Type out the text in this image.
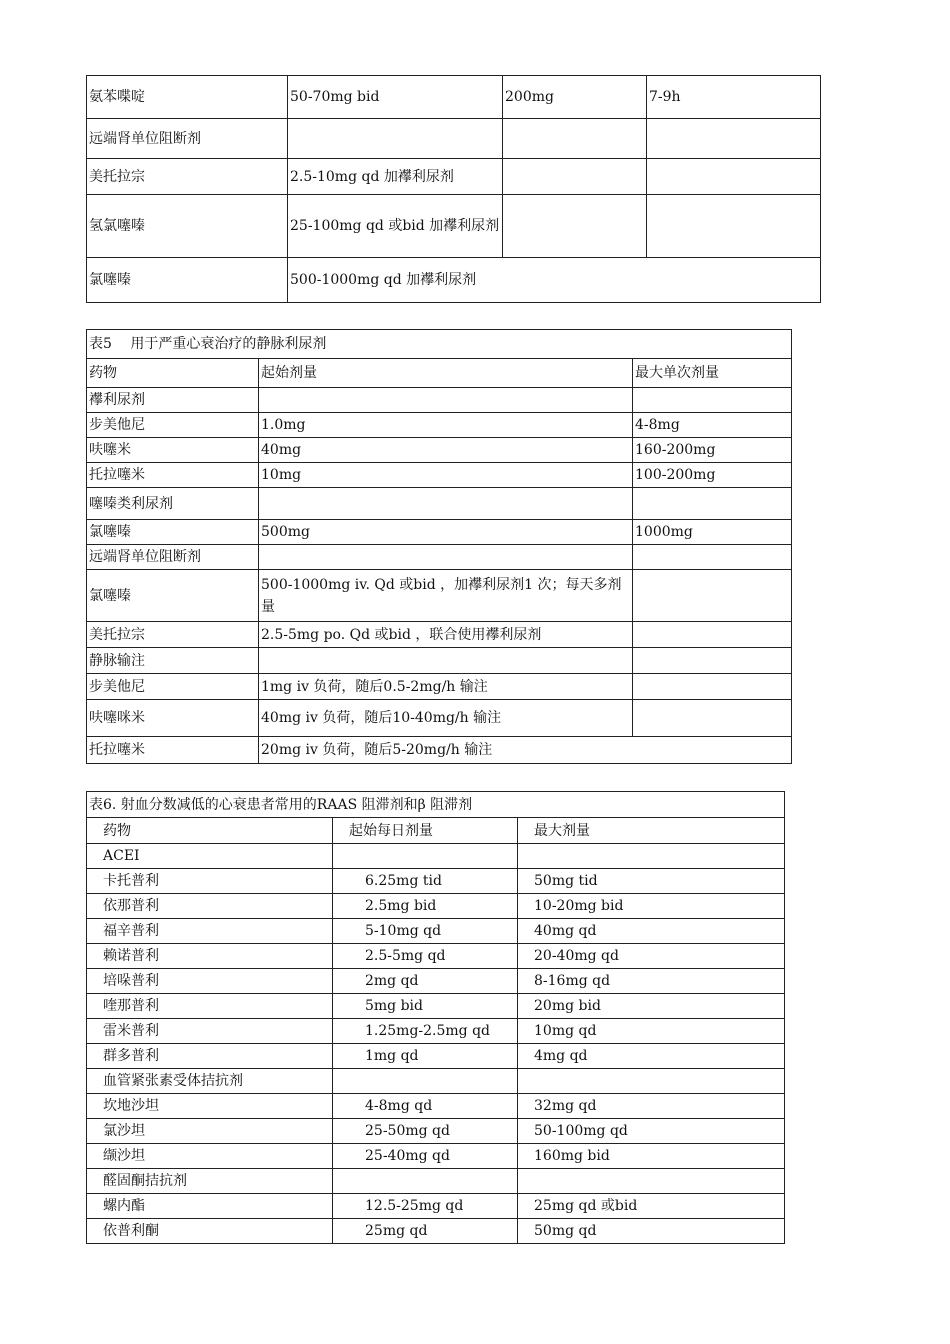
氨苯喋啶	50-70mg bid	200mg	7-9h
远端肾单位阻断剂			
美托拉宗	2.5-10mg qd 加襻利尿剂		
氢氯噻嗪	25-100mg qd 或bid 加襻利尿剂		
氯噻嗪	500-1000mg qd 加襻利尿剂		
表5　 用于严重心衰治疗的静脉利尿剂		
药物	起始剂量	最大单次剂量
襻利尿剂		
步美他尼	1.0mg	4-8mg
呋噻米	40mg	160-200mg
托拉噻米	10mg	100-200mg
噻嗪类利尿剂		
氯噻嗪	500mg	1000mg
远端肾单位阻断剂		
氯噻嗪	500-1000mg iv. Qd 或bid ，加襻利尿剂1 次；每天多剂量	
美托拉宗	2.5-5mg po. Qd 或bid ，联合使用襻利尿剂	
静脉输注		
步美他尼	1mg iv 负荷，随后0.5-2mg/h 输注	
呋噻咪米	40mg iv 负荷，随后10-40mg/h 输注	
托拉噻米	20mg iv 负荷，随后5-20mg/h 输注	
表6. 射血分数减低的心衰患者常用的RAAS 阻滞剂和β 阻滞剂		
药物	起始每日剂量	最大剂量
ACEI		
卡托普利	6.25mg tid	50mg tid
依那普利	2.5mg bid	10-20mg bid
福辛普利	5-10mg qd	40mg qd
赖诺普利	2.5-5mg qd	20-40mg qd
培哚普利	2mg qd	8-16mg qd
喹那普利	5mg bid	20mg bid
雷米普利	1.25mg-2.5mg qd	10mg qd
群多普利	1mg qd	4mg qd
血管紧张素受体拮抗剂		
坎地沙坦	4-8mg qd	32mg qd
氯沙坦	25-50mg qd	50-100mg qd
缬沙坦	25-40mg qd	160mg bid
醛固酮拮抗剂		
螺内酯	12.5-25mg qd	25mg qd 或bid
依普利酮	25mg qd	50mg qd
